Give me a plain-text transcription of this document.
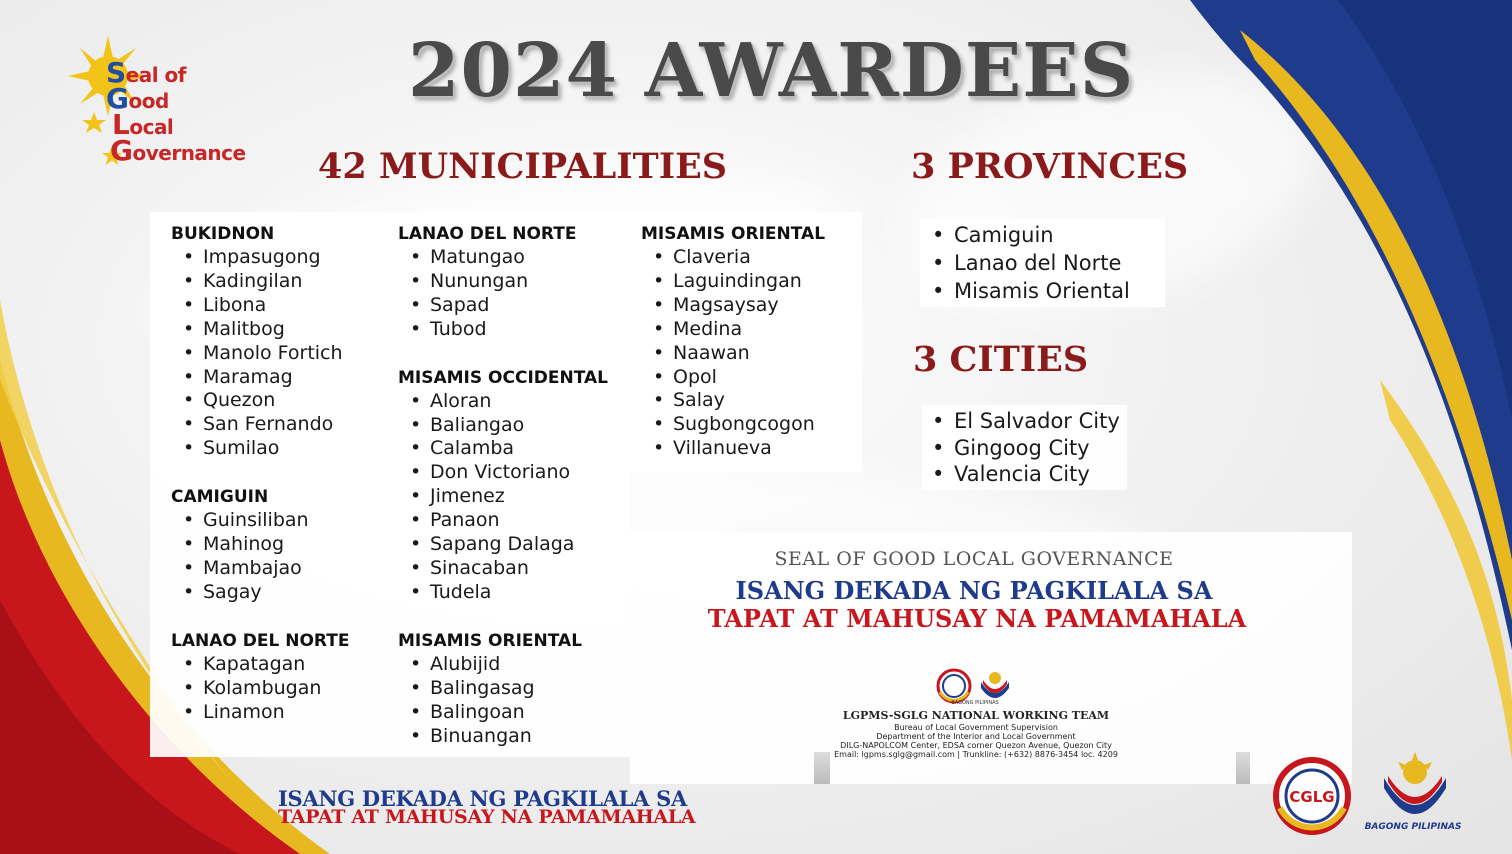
Seal of
Good
Local
Governance
2024 AWARDEES
42 MUNICIPALITIES	3 PROVINCES
3 CITIES
BUKIDNON
• Impasugong
• Kadingilan
• Libona
• Malitbog
• Manolo Fortich
• Maramag
• Quezon
• San Fernando
• Sumilao
CAMIGUIN
• Guinsiliban
• Mahinog
• Mambajao
• Sagay
LANAO DEL NORTE
• Kapatagan
• Kolambugan
• Linamon
LANAO DEL NORTE
• Matungao
• Nunungan
• Sapad
• Tubod
MISAMIS OCCIDENTAL
• Aloran
• Baliangao
• Calamba
• Don Victoriano
• Jimenez
• Panaon
• Sapang Dalaga
• Sinacaban
• Tudela
MISAMIS ORIENTAL
• Alubijid
• Balingasag
• Balingoan
• Binuangan
MISAMIS ORIENTAL
• Claveria
• Laguindingan
• Magsaysay
• Medina
• Naawan
• Opol
• Salay
• Sugbongcogon
• Villanueva
• Camiguin
• Lanao del Norte
• Misamis Oriental
• El Salvador City
• Gingoog City
• Valencia City
SEAL OF GOOD LOCAL GOVERNANCE
ISANG DEKADA NG PAGKILALA SA
TAPAT AT MAHUSAY NA PAMAMAHALA
BAGONG PILIPINAS
LGPMS-SGLG NATIONAL WORKING TEAM
Bureau of Local Government Supervision
Department of the Interior and Local Government
DILG-NAPOLCOM Center, EDSA corner Quezon Avenue, Quezon City
Email: lgpms.sglg@gmail.com | Trunkline: (+632) 8876-3454 loc. 4209
ISANG DEKADA NG PAGKILALA SA
TAPAT AT MAHUSAY NA PAMAMAHALA
CGLG
BAGONG PILIPINAS
